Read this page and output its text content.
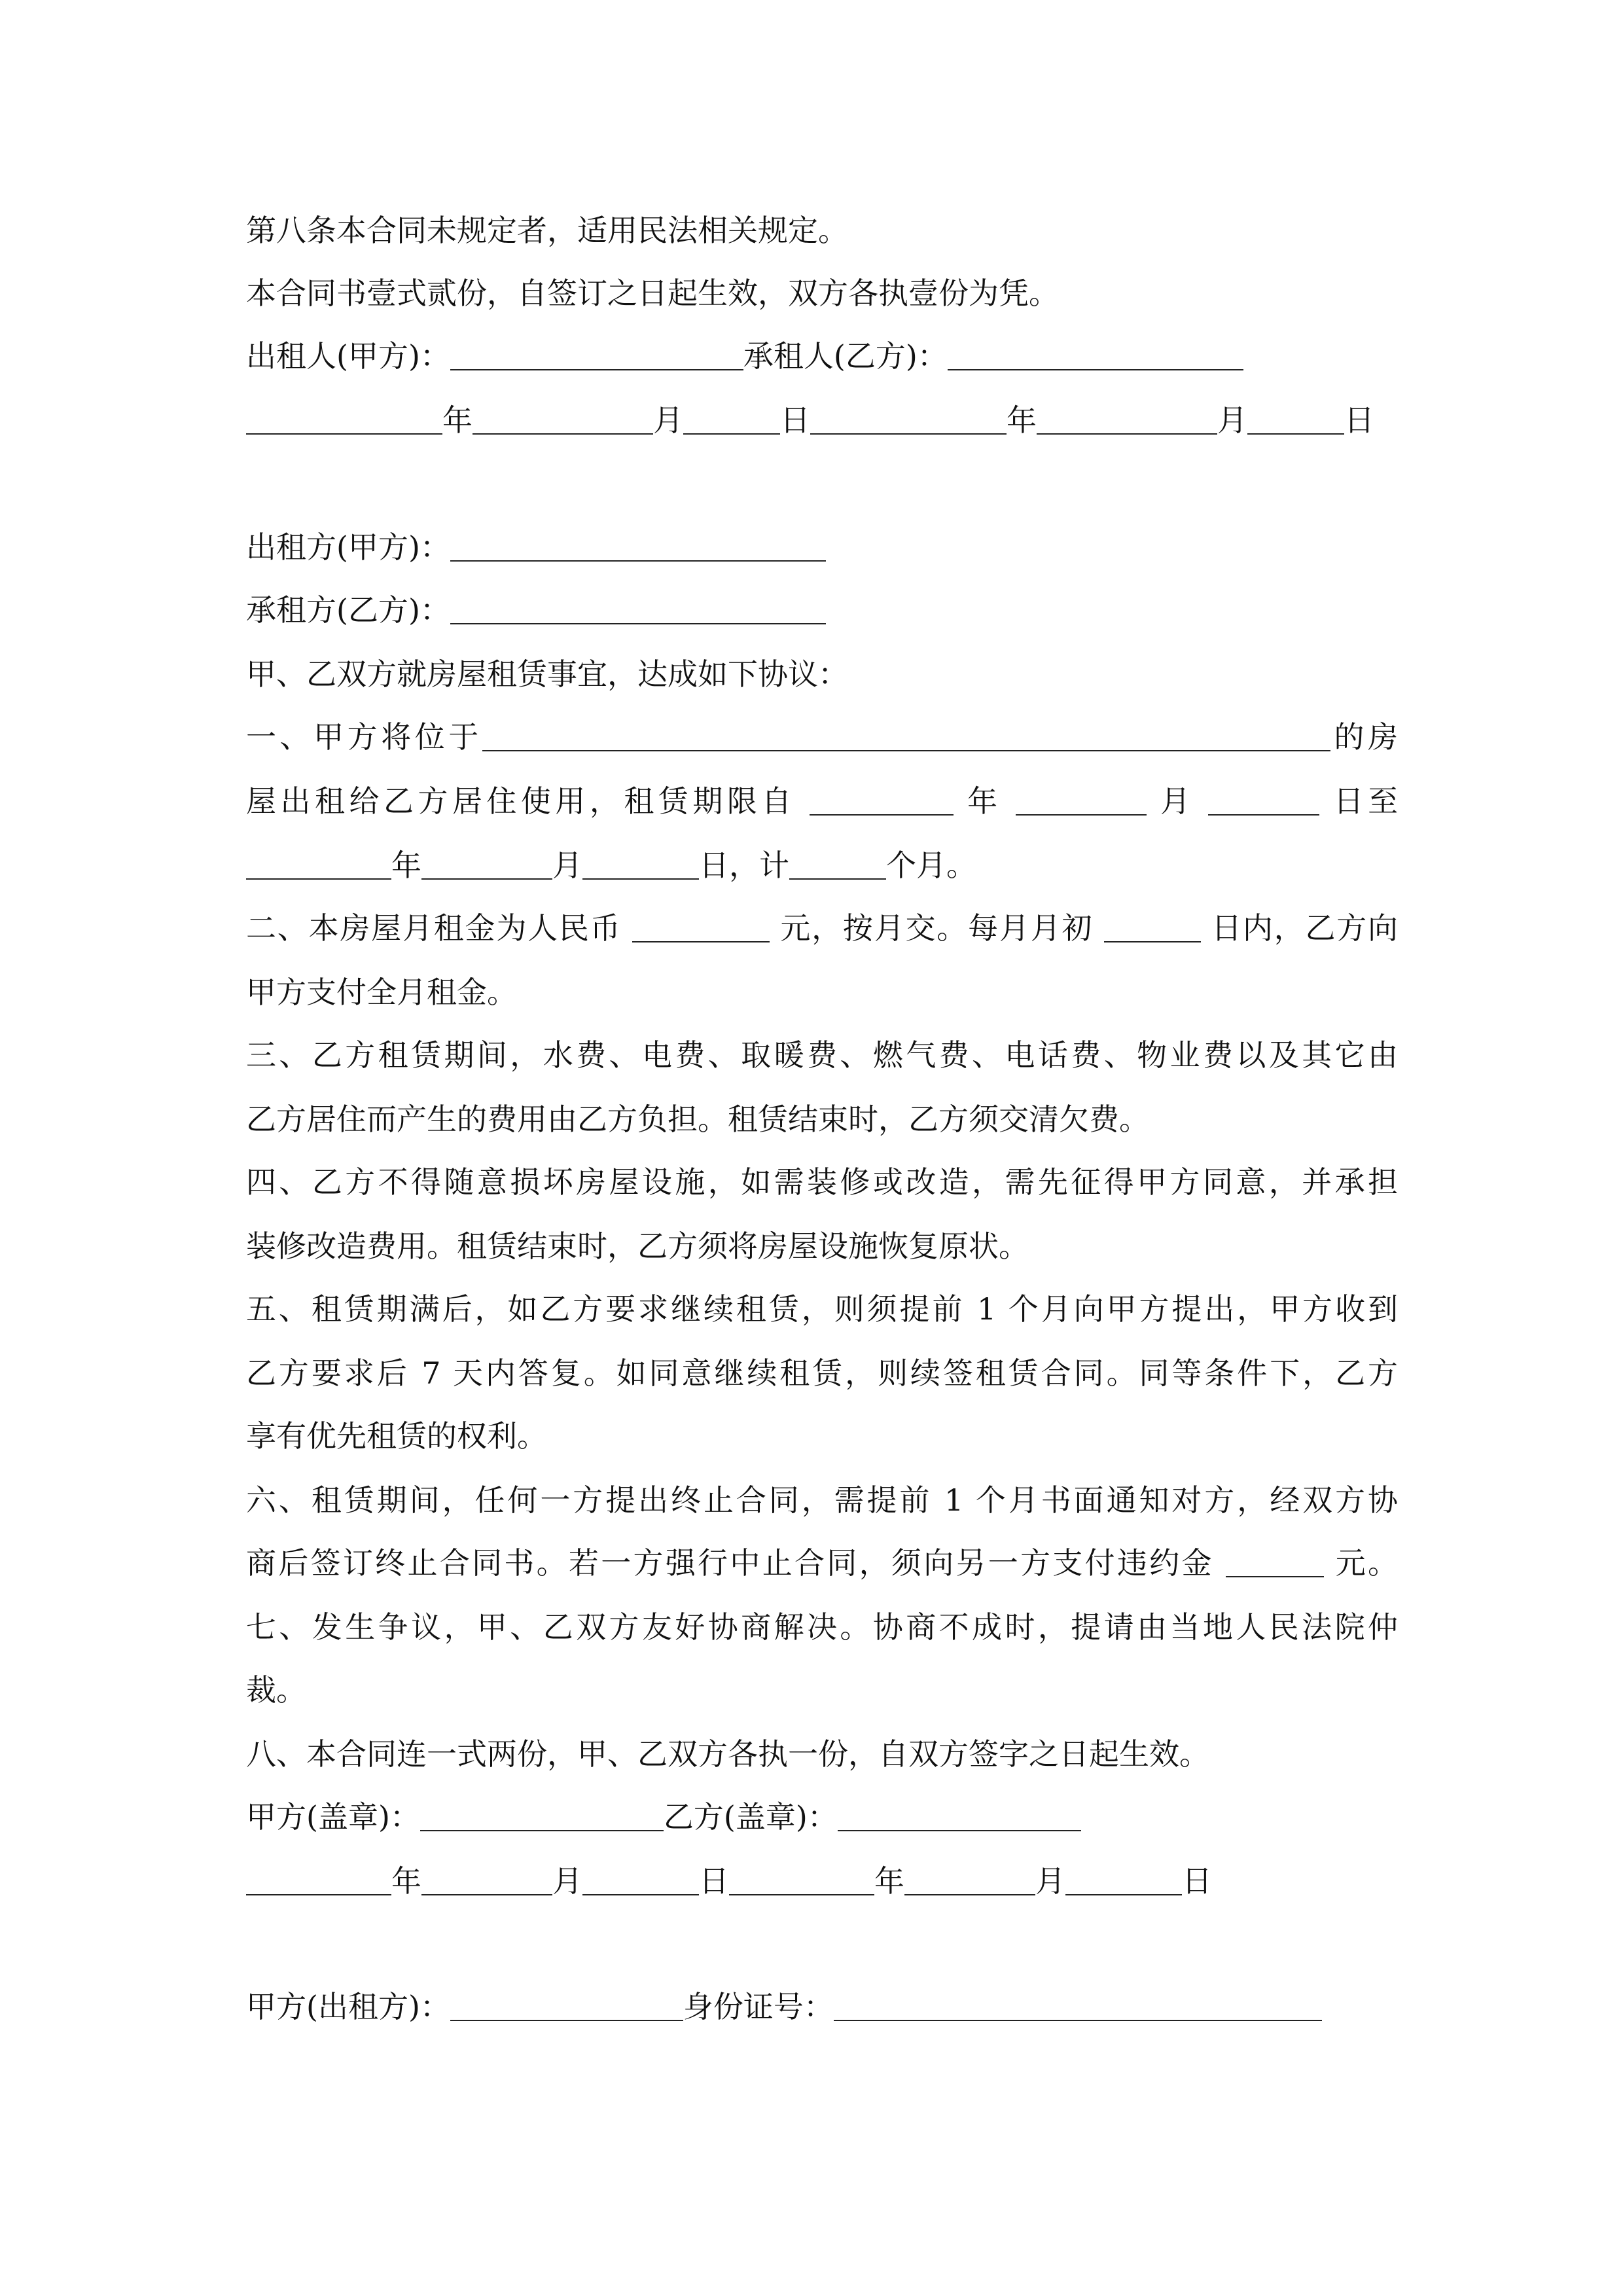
第八条本合同未规定者，适用民法相关规定。
本合同书壹式贰份，自签订之日起生效，双方各执壹份为凭。
出租人(甲方)：	承租人(乙方)：
年	月	日	年	月	日
出租方(甲方)：
承租方(乙方)：
甲、乙双方就房屋租赁事宜，达成如下协议：
一、甲方将位于	的房
屋出租给乙方居住使用，租赁期限自	年	月	日至
年	月	日，计	个月。
二、本房屋月租金为人民币	元，按月交。每月月初	日内，乙方向
甲方支付全月租金。
三、乙方租赁期间，水费、电费、取暖费、燃气费、电话费、物业费以及其它由
乙方居住而产生的费用由乙方负担。租赁结束时，乙方须交清欠费。
四、乙方不得随意损坏房屋设施，如需装修或改造，需先征得甲方同意，并承担
装修改造费用。租赁结束时，乙方须将房屋设施恢复原状。
五、租赁期满后，如乙方要求继续租赁，则须提前 1 个月向甲方提出，甲方收到
乙方要求后 7 天内答复。如同意继续租赁，则续签租赁合同。同等条件下，乙方
享有优先租赁的权利。
六、租赁期间，任何一方提出终止合同，需提前 1 个月书面通知对方，经双方协
商后签订终止合同书。若一方强行中止合同，须向另一方支付违约金	元。
七、发生争议，甲、乙双方友好协商解决。协商不成时，提请由当地人民法院仲
裁。
八、本合同连一式两份，甲、乙双方各执一份，自双方签字之日起生效。
甲方(盖章)：	乙方(盖章)：
年	月	日	年	月	日
甲方(出租方)：	身份证号：
